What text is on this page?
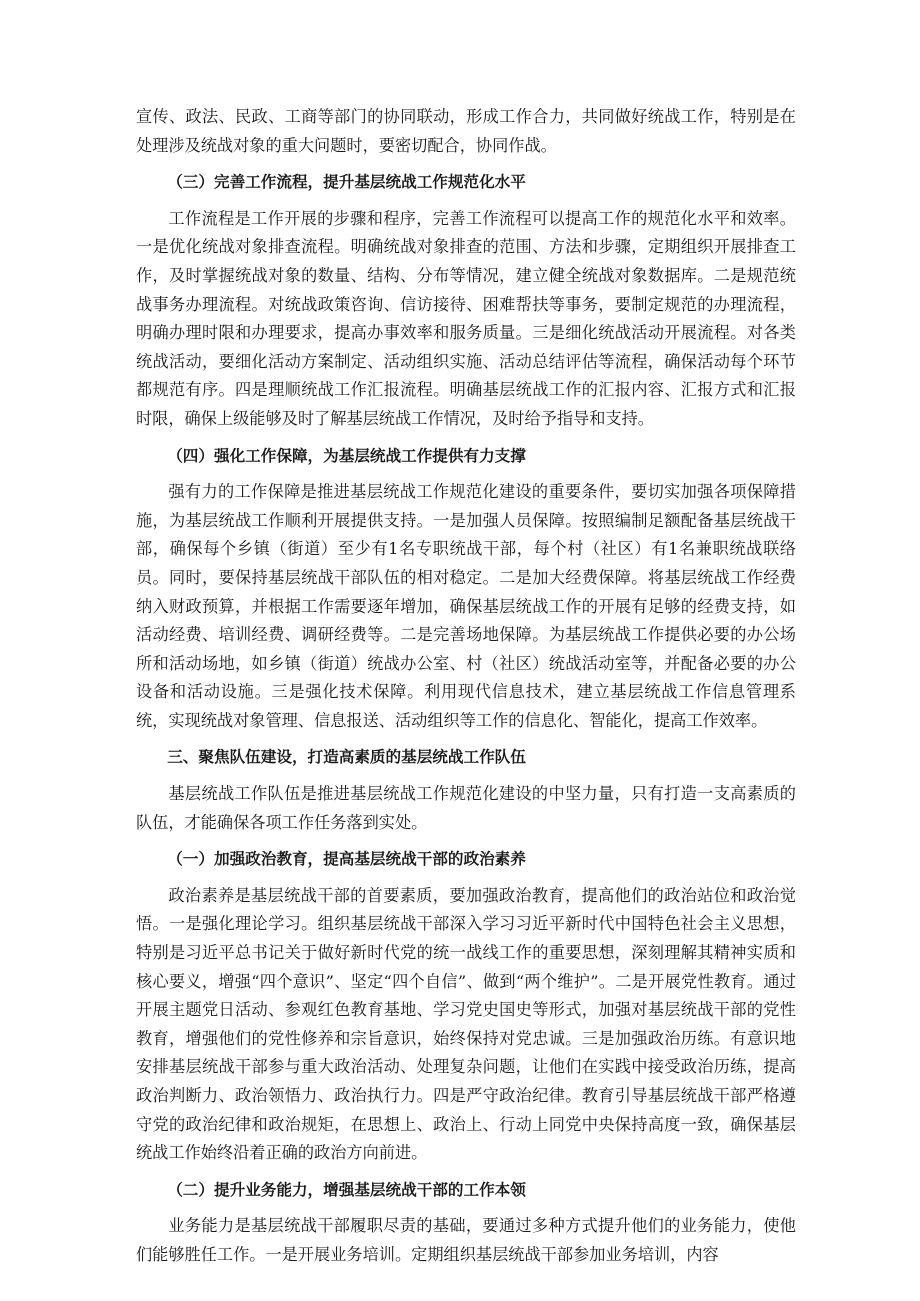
宣传、政法、民政、工商等部门的协同联动，形成工作合力，共同做好统战工作，特别是在处理涉及统战对象的重大问题时，要密切配合，协同作战。

（三）完善工作流程，提升基层统战工作规范化水平

工作流程是工作开展的步骤和程序，完善工作流程可以提高工作的规范化水平和效率。一是优化统战对象排查流程。明确统战对象排查的范围、方法和步骤，定期组织开展排查工作，及时掌握统战对象的数量、结构、分布等情况，建立健全统战对象数据库。二是规范统战事务办理流程。对统战政策咨询、信访接待、困难帮扶等事务，要制定规范的办理流程，明确办理时限和办理要求，提高办事效率和服务质量。三是细化统战活动开展流程。对各类统战活动，要细化活动方案制定、活动组织实施、活动总结评估等流程，确保活动每个环节都规范有序。四是理顺统战工作汇报流程。明确基层统战工作的汇报内容、汇报方式和汇报时限，确保上级能够及时了解基层统战工作情况，及时给予指导和支持。

（四）强化工作保障，为基层统战工作提供有力支撑

强有力的工作保障是推进基层统战工作规范化建设的重要条件，要切实加强各项保障措施，为基层统战工作顺利开展提供支持。一是加强人员保障。按照编制足额配备基层统战干部，确保每个乡镇（街道）至少有1名专职统战干部，每个村（社区）有1名兼职统战联络员。同时，要保持基层统战干部队伍的相对稳定。二是加大经费保障。将基层统战工作经费纳入财政预算，并根据工作需要逐年增加，确保基层统战工作的开展有足够的经费支持，如活动经费、培训经费、调研经费等。二是完善场地保障。为基层统战工作提供必要的办公场所和活动场地，如乡镇（街道）统战办公室、村（社区）统战活动室等，并配备必要的办公设备和活动设施。三是强化技术保障。利用现代信息技术，建立基层统战工作信息管理系统，实现统战对象管理、信息报送、活动组织等工作的信息化、智能化，提高工作效率。

三、聚焦队伍建设，打造高素质的基层统战工作队伍

基层统战工作队伍是推进基层统战工作规范化建设的中坚力量，只有打造一支高素质的队伍，才能确保各项工作任务落到实处。

（一）加强政治教育，提高基层统战干部的政治素养

政治素养是基层统战干部的首要素质，要加强政治教育，提高他们的政治站位和政治觉悟。一是强化理论学习。组织基层统战干部深入学习习近平新时代中国特色社会主义思想，特别是习近平总书记关于做好新时代党的统一战线工作的重要思想，深刻理解其精神实质和核心要义，增强“四个意识”、坚定“四个自信”、做到“两个维护”。二是开展党性教育。通过开展主题党日活动、参观红色教育基地、学习党史国史等形式，加强对基层统战干部的党性教育，增强他们的党性修养和宗旨意识，始终保持对党忠诚。三是加强政治历练。有意识地安排基层统战干部参与重大政治活动、处理复杂问题，让他们在实践中接受政治历练，提高政治判断力、政治领悟力、政治执行力。四是严守政治纪律。教育引导基层统战干部严格遵守党的政治纪律和政治规矩，在思想上、政治上、行动上同党中央保持高度一致，确保基层统战工作始终沿着正确的政治方向前进。

（二）提升业务能力，增强基层统战干部的工作本领

业务能力是基层统战干部履职尽责的基础，要通过多种方式提升他们的业务能力，使他们能够胜任工作。一是开展业务培训。定期组织基层统战干部参加业务培训，内容
